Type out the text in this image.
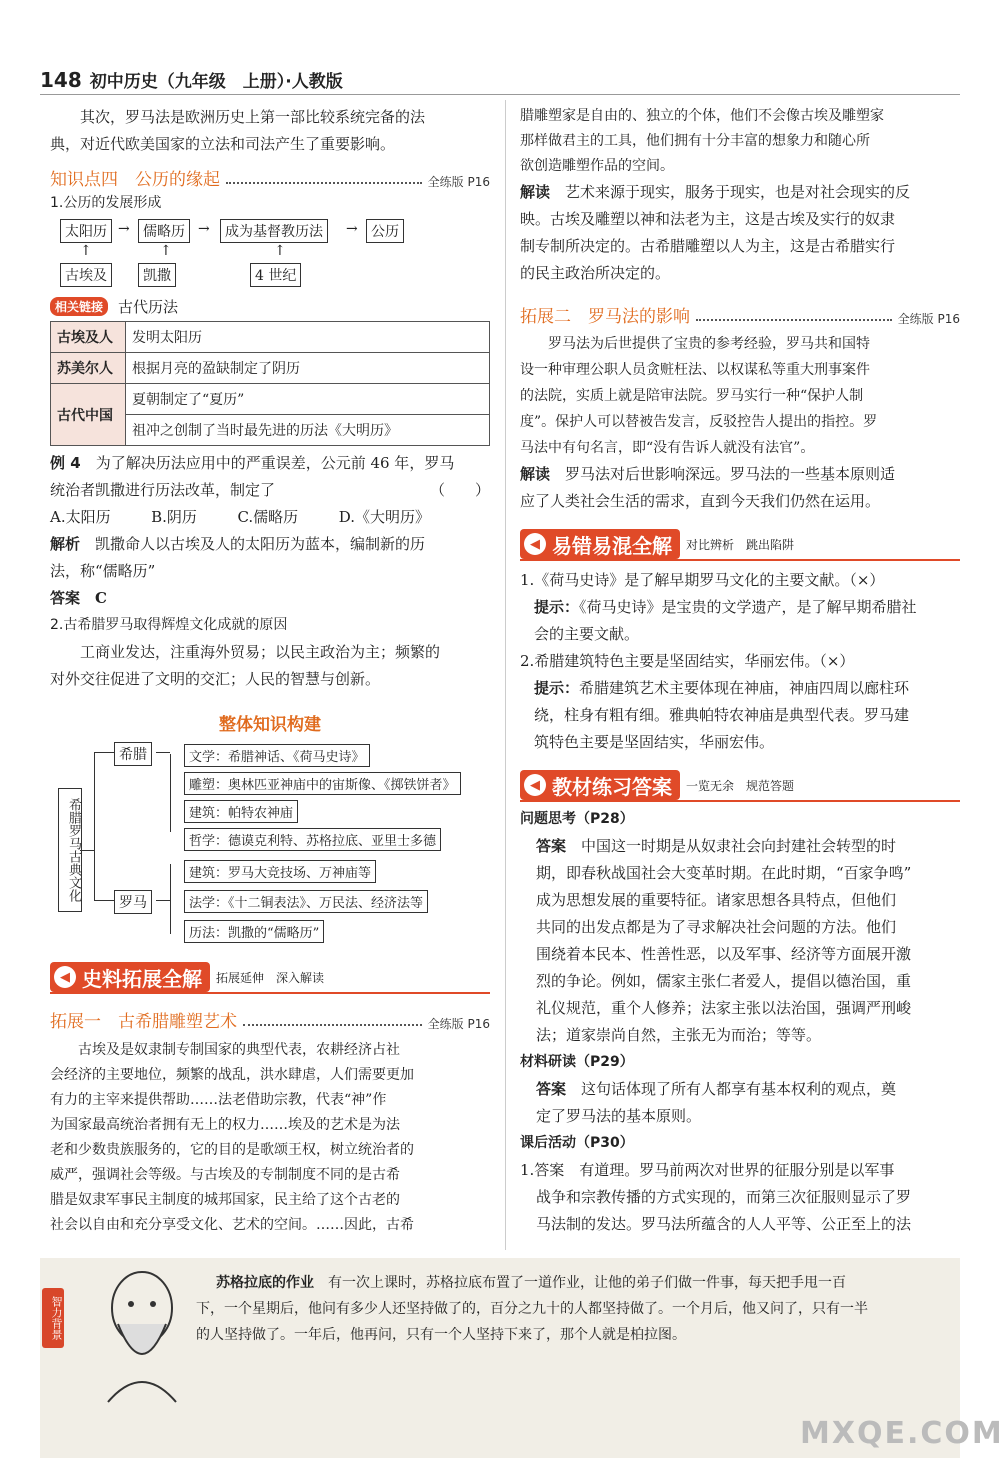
148 初中历史（九年级　上册）·人教版

其次，罗马法是欧洲历史上第一部比较系统完备的法

典，对近代欧美国家的立法和司法产生了重要影响。

知识点四　公历的缘起	全练版 P16

1.公历的发展形成

太阳历 → 儒略历 →	成为基督教历法	→ 公历
↑	↑	↑
古埃及	凯撒	4 世纪
相关链接	古代历法
古埃及人	发明太阳历
苏美尔人	根据月亮的盈缺制定了阴历
古代中国	夏朝制定了“夏历”
	祖冲之创制了当时最先进的历法《大明历》

例 4　 为了解决历法应用中的严重误差，公元前 46 年，罗马

统治者凯撒进行历法改革，制定了	（　　）

A.太阳历	B.阴历	C.儒略历	D.《大明历》

解析　 凯撒命人以古埃及人的太阳历为蓝本，编制新的历

法，称“儒略历”

答案　 C

2.古希腊罗马取得辉煌文化成就的原因

工商业发达，注重海外贸易；以民主政治为主；频繁的

对外交往促进了文明的交汇；人民的智慧与创新。

整体知识构建
希腊罗马古典文化
希腊
罗马
文学：希腊神话、《荷马史诗》
雕塑：奥林匹亚神庙中的宙斯像、《掷铁饼者》
建筑：帕特农神庙
哲学：德谟克利特、苏格拉底、亚里士多德
建筑：罗马大竞技场、万神庙等
法学：《十二铜表法》、万民法、经济法等
历法：凯撒的“儒略历”
◀ 史料拓展全解 拓展延伸　深入解读
拓展一　古希腊雕塑艺术	全练版 P16
古埃及是奴隶制专制国家的典型代表，农耕经济占社
会经济的主要地位，频繁的战乱，洪水肆虐，人们需要更加
有力的主宰来提供帮助……法老借助宗教，代表“神”作
为国家最高统治者拥有无上的权力……埃及的艺术是为法
老和少数贵族服务的，它的目的是歌颂王权，树立统治者的
威严，强调社会等级。与古埃及的专制制度不同的是古希
腊是奴隶军事民主制度的城邦国家，民主给了这个古老的
社会以自由和充分享受文化、艺术的空间。……因此，古希
腊雕塑家是自由的、独立的个体，他们不会像古埃及雕塑家
那样做君主的工具，他们拥有十分丰富的想象力和随心所
欲创造雕塑作品的空间。

解读　 艺术来源于现实，服务于现实，也是对社会现实的反

映。古埃及雕塑以神和法老为主，这是古埃及实行的奴隶

制专制所决定的。古希腊雕塑以人为主，这是古希腊实行

的民主政治所决定的。

拓展二　罗马法的影响	全练版 P16
罗马法为后世提供了宝贵的参考经验，罗马共和国特
设一种审理公职人员贪赃枉法、以权谋私等重大刑事案件
的法院，实质上就是陪审法院。罗马实行一种“保护人制
度”。保护人可以替被告发言，反驳控告人提出的指控。罗
马法中有句名言，即“没有告诉人就没有法官”。

解读　 罗马法对后世影响深远。罗马法的一些基本原则适

应了人类社会生活的需求，直到今天我们仍然在运用。

◀ 易错易混全解 对比辨析　跳出陷阱

1.《荷马史诗》是了解早期罗马文化的主要文献。（×）

提示：《荷马史诗》是宝贵的文学遗产，是了解早期希腊社

会的主要文献。

2.希腊建筑特色主要是坚固结实，华丽宏伟。（×）

提示：希腊建筑艺术主要体现在神庙，神庙四周以廊柱环

绕，柱身有粗有细。雅典帕特农神庙是典型代表。罗马建

筑特色主要是坚固结实，华丽宏伟。

◀ 教材练习答案 一览无余　规范答题

问题思考（P28）

答案　 中国这一时期是从奴隶社会向封建社会转型的时
期，即春秋战国社会大变革时期。在此时期，“百家争鸣”
成为思想发展的重要特征。诸家思想各具特点，但他们
共同的出发点都是为了寻求解决社会问题的方法。他们
围绕着本民本、性善性恶，以及军事、经济等方面展开激
烈的争论。例如，儒家主张仁者爱人，提倡以德治国，重
礼仪规范，重个人修养；法家主张以法治国，强调严刑峻
法；道家崇尚自然，主张无为而治；等等。

材料研读（P29）

答案　 这句话体现了所有人都享有基本权利的观点，奠
定了罗马法的基本原则。

课后活动（P30）

1.答案　有道理。罗马前两次对世界的征服分别是以军事
战争和宗教传播的方式实现的，而第三次征服则显示了罗
马法制的发达。罗马法所蕴含的人人平等、公正至上的法
智力背景
苏格拉底的作业　 有一次上课时，苏格拉底布置了一道作业，让他的弟子们做一件事，每天把手甩一百
下，一个星期后，他问有多少人还坚持做了的，百分之九十的人都坚持做了。一个月后，他又问了，只有一半
的人坚持做了。一年后，他再问，只有一个人坚持下来了，那个人就是柏拉图。
MXQE.COM
